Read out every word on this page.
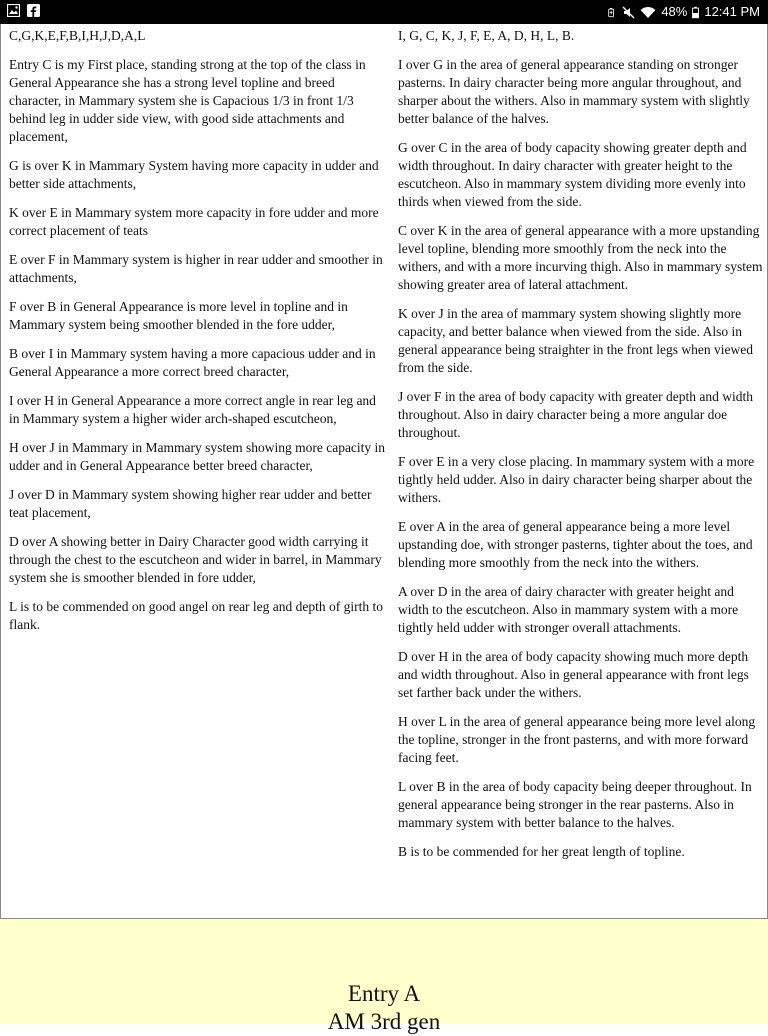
48% 12:41 PM

C,G,K,E,F,B,I,H,J,D,A,L

Entry C is my First place, standing strong at the top of the class in General Appearance she has a strong level topline and breed character, in Mammary system she is Capacious 1/3 in front 1/3 behind leg in udder side view, with good side attachments and placement,

G is over K in Mammary System having more capacity in udder and better side attachments,

K over E in Mammary system more capacity in fore udder and more correct placement of teats

E over F in Mammary system is higher in rear udder and smoother in attachments,

F over B in General Appearance is more level in topline and in Mammary system being smoother blended in the fore udder,

B over I in Mammary system having a more capacious udder and in General Appearance a more correct breed character,

I over H in General Appearance a more correct angle in rear leg and in Mammary system a higher wider arch-shaped escutcheon,

H over J in Mammary in Mammary system showing more capacity in udder and in General Appearance better breed character,

J over D in Mammary system showing higher rear udder and better teat placement,

D over A showing better in Dairy Character good width carrying it through the chest to the escutcheon and wider in barrel, in Mammary system she is smoother blended in fore udder,

L is to be commended on good angel on rear leg and depth of girth to flank.

I, G, C, K, J, F, E, A, D, H, L, B.

I over G in the area of general appearance standing on stronger pasterns. In dairy character being more angular throughout, and sharper about the withers. Also in mammary system with slightly better balance of the halves.

G over C in the area of body capacity showing greater depth and width throughout. In dairy character with greater height to the escutcheon. Also in mammary system dividing more evenly into thirds when viewed from the side.

C over K in the area of general appearance with a more upstanding level topline, blending more smoothly from the neck into the withers, and with a more incurving thigh. Also in mammary system showing greater area of lateral attachment.

K over J in the area of mammary system showing slightly more capacity, and better balance when viewed from the side. Also in general appearance being straighter in the front legs when viewed from the side.

J over F in the area of body capacity with greater depth and width throughout. Also in dairy character being a more angular doe throughout.

F over E in a very close placing. In mammary system with a more tightly held udder. Also in dairy character being sharper about the withers.

E over A in the area of general appearance being a more level upstanding doe, with stronger pasterns, tighter about the toes, and blending more smoothly from the neck into the withers.

A over D in the area of dairy character with greater height and width to the escutcheon. Also in mammary system with a more tightly held udder with stronger overall attachments.

D over H in the area of body capacity showing much more depth and width throughout. Also in general appearance with front legs set farther back under the withers.

H over L in the area of general appearance being more level along the topline, stronger in the front pasterns, and with more forward facing feet.

L over B in the area of body capacity being deeper throughout. In general appearance being stronger in the rear pasterns. Also in mammary system with better balance to the halves.

B is to be commended for her great length of topline.

Entry A
AM 3rd gen
